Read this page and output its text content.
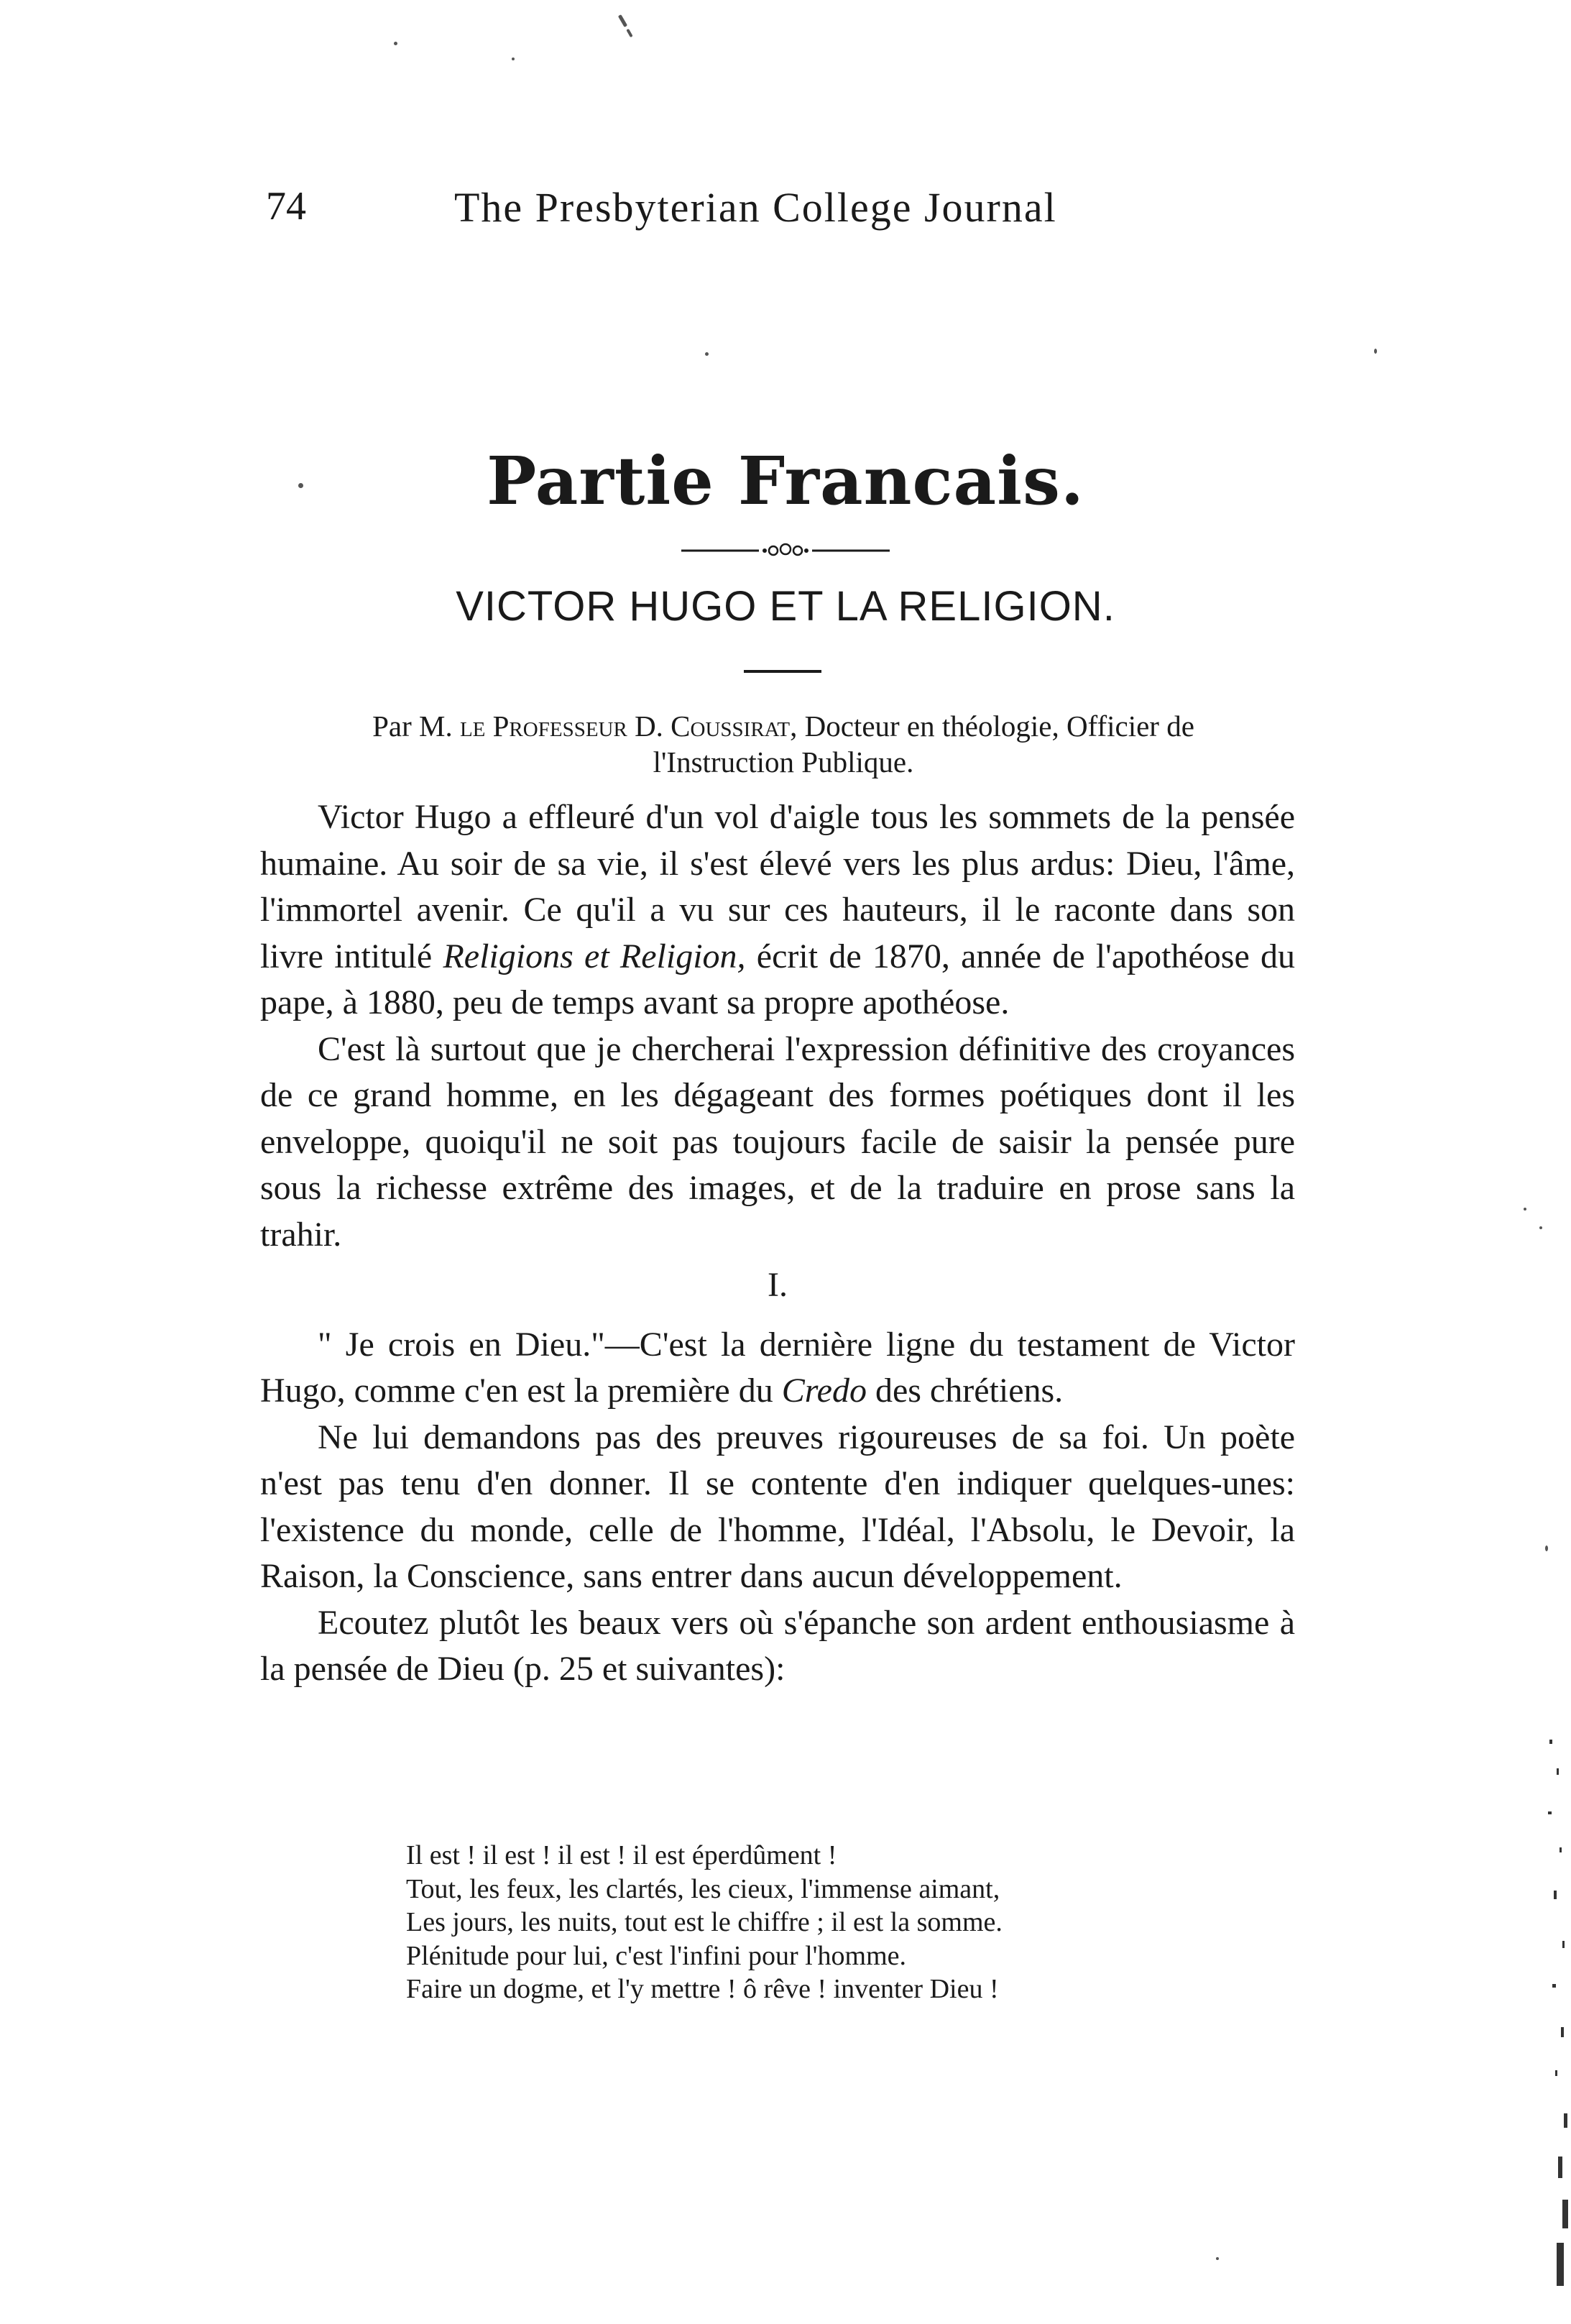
74	The Presbyterian College Journal
Partie Francais.
VICTOR HUGO ET LA RELIGION.
Par M. le Professeur D. Coussirat, Docteur en théologie, Officier de
l'Instruction Publique.

Victor Hugo a effleuré d'un vol d'aigle tous les sommets de la pensée humaine. Au soir de sa vie, il s'est élevé vers les plus ardus: Dieu, l'âme, l'immortel avenir. Ce qu'il a vu sur ces hauteurs, il le raconte dans son livre intitulé Religions et Religion, écrit de 1870, année de l'apothéose du pape, à 1880, peu de temps avant sa propre apothéose.

C'est là surtout que je chercherai l'expression définitive des croyances de ce grand homme, en les dégageant des formes poétiques dont il les enveloppe, quoiqu'il ne soit pas toujours facile de saisir la pensée pure sous la richesse extrême des images, et de la traduire en prose sans la trahir.

I.

" Je crois en Dieu."—C'est la dernière ligne du testament de Victor Hugo, comme c'en est la première du Credo des chrétiens.

Ne lui demandons pas des preuves rigoureuses de sa foi. Un poète n'est pas tenu d'en donner. Il se contente d'en indiquer quelques-unes: l'existence du monde, celle de l'homme, l'Idéal, l'Absolu, le Devoir, la Raison, la Conscience, sans entrer dans aucun développement.

Ecoutez plutôt les beaux vers où s'épanche son ardent enthousiasme à la pensée de Dieu (p. 25 et suivantes):

Il est ! il est ! il est ! il est éperdûment !
Tout, les feux, les clartés, les cieux, l'immense aimant,
Les jours, les nuits, tout est le chiffre ; il est la somme.
Plénitude pour lui, c'est l'infini pour l'homme.
Faire un dogme, et l'y mettre ! ô rêve ! inventer Dieu !
